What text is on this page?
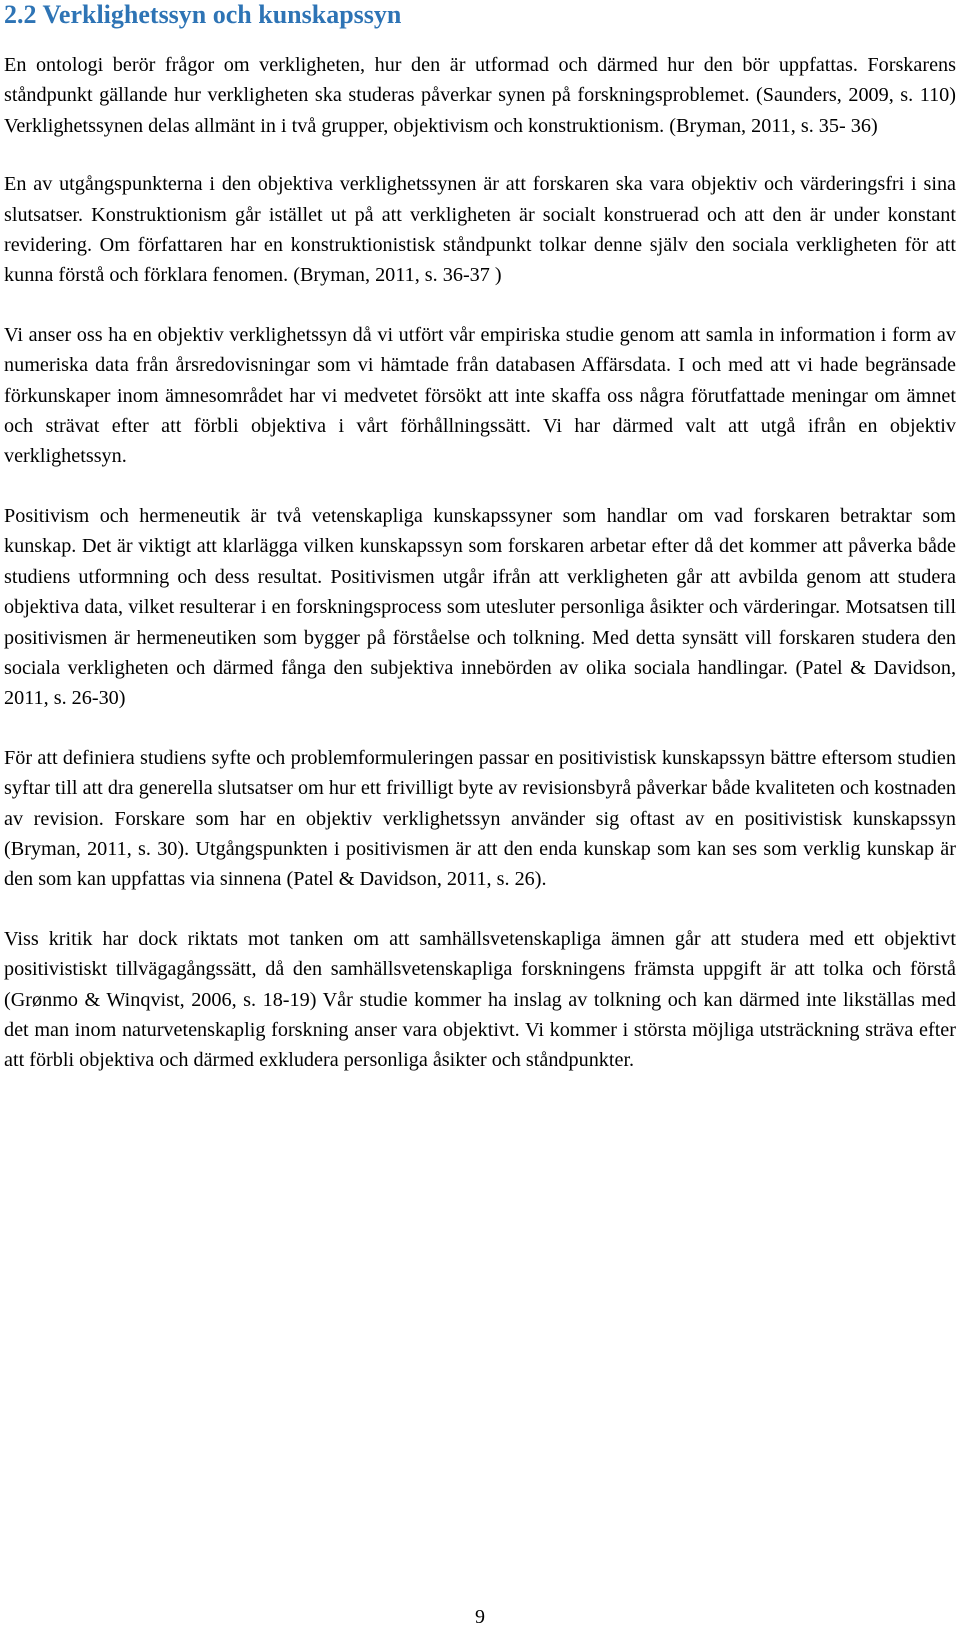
2.2 Verklighetssyn och kunskapssyn

En ontologi berör frågor om verkligheten, hur den är utformad och därmed hur den bör uppfattas. Forskarens ståndpunkt gällande hur verkligheten ska studeras påverkar synen på forskningsproblemet. (Saunders, 2009, s. 110) Verklighetssynen delas allmänt in i två grupper, objektivism och konstruktionism. (Bryman, 2011, s. 35- 36)

En av utgångspunkterna i den objektiva verklighetssynen är att forskaren ska vara objektiv och värderingsfri i sina slutsatser. Konstruktionism går istället ut på att verkligheten är socialt konstruerad och att den är under konstant revidering. Om författaren har en konstruktionistisk ståndpunkt tolkar denne själv den sociala verkligheten för att kunna förstå och förklara fenomen. (Bryman, 2011, s. 36-37 )

Vi anser oss ha en objektiv verklighetssyn då vi utfört vår empiriska studie genom att samla in information i form av numeriska data från årsredovisningar som vi hämtade från databasen Affärsdata. I och med att vi hade begränsade förkunskaper inom ämnesområdet har vi medvetet försökt att inte skaffa oss några förutfattade meningar om ämnet och strävat efter att förbli objektiva i vårt förhållningssätt. Vi har därmed valt att utgå ifrån en objektiv verklighetssyn.

Positivism och hermeneutik är två vetenskapliga kunskapssyner som handlar om vad forskaren betraktar som kunskap. Det är viktigt att klarlägga vilken kunskapssyn som forskaren arbetar efter då det kommer att påverka både studiens utformning och dess resultat. Positivismen utgår ifrån att verkligheten går att avbilda genom att studera objektiva data, vilket resulterar i en forskningsprocess som utesluter personliga åsikter och värderingar. Motsatsen till positivismen är hermeneutiken som bygger på förståelse och tolkning. Med detta synsätt vill forskaren studera den sociala verkligheten och därmed fånga den subjektiva innebörden av olika sociala handlingar. (Patel & Davidson, 2011, s. 26-30)

För att definiera studiens syfte och problemformuleringen passar en positivistisk kunskapssyn bättre eftersom studien syftar till att dra generella slutsatser om hur ett frivilligt byte av revisionsbyrå påverkar både kvaliteten och kostnaden av revision. Forskare som har en objektiv verklighetssyn använder sig oftast av en positivistisk kunskapssyn (Bryman, 2011, s. 30). Utgångspunkten i positivismen är att den enda kunskap som kan ses som verklig kunskap är den som kan uppfattas via sinnena (Patel & Davidson, 2011, s. 26).

Viss kritik har dock riktats mot tanken om att samhällsvetenskapliga ämnen går att studera med ett objektivt positivistiskt tillvägagångssätt, då den samhällsvetenskapliga forskningens främsta uppgift är att tolka och förstå (Grønmo & Winqvist, 2006, s. 18-19) Vår studie kommer ha inslag av tolkning och kan därmed inte likställas med det man inom naturvetenskaplig forskning anser vara objektivt. Vi kommer i största möjliga utsträckning sträva efter att förbli objektiva och därmed exkludera personliga åsikter och ståndpunkter.

9
